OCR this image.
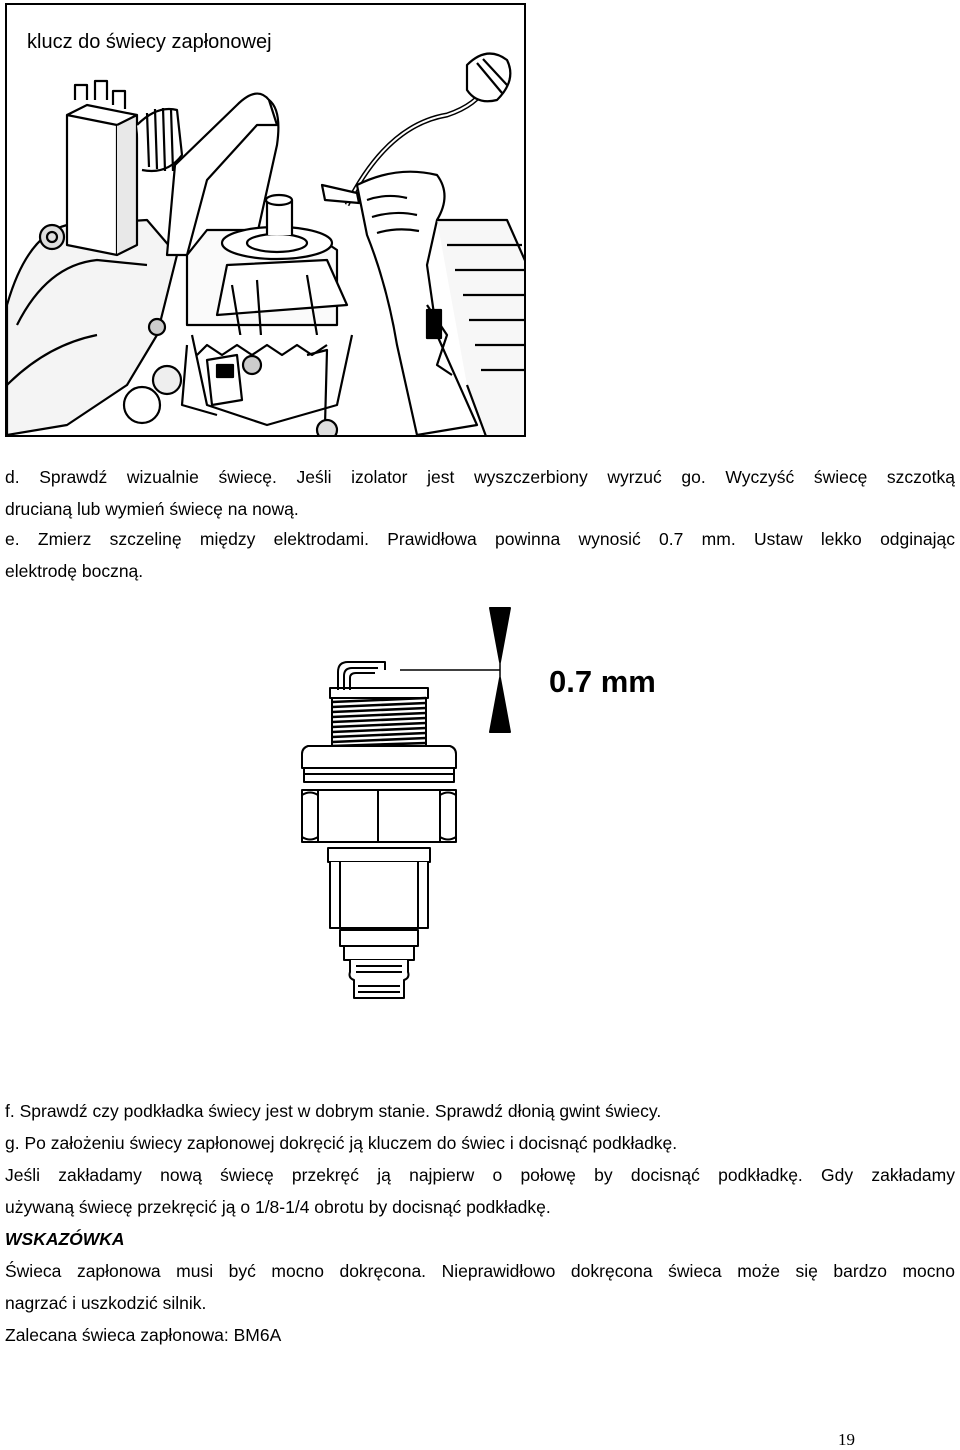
klucz do świecy zapłonowej
d. Sprawdź wizualnie świecę. Jeśli izolator jest wyszczerbiony wyrzuć go. Wyczyść świecę szczotką
drucianą lub wymień świecę na nową.
e. Zmierz szczelinę między elektrodami. Prawidłowa powinna wynosić 0.7 mm. Ustaw lekko odginając
elektrodę boczną.
0.7 mm
f. Sprawdź czy podkładka świecy jest w dobrym stanie. Sprawdź dłonią gwint świecy.
g. Po założeniu świecy zapłonowej dokręcić ją kluczem do świec i docisnąć podkładkę.
Jeśli zakładamy nową świecę przekręć ją najpierw o połowę by docisnąć podkładkę. Gdy zakładamy
używaną świecę przekręcić ją o 1/8-1/4 obrotu by docisnąć podkładkę.
WSKAZÓWKA
Świeca zapłonowa musi być mocno dokręcona. Nieprawidłowo dokręcona świeca może się bardzo mocno
nagrzać i uszkodzić silnik.
Zalecana świeca zapłonowa: BM6A
19
